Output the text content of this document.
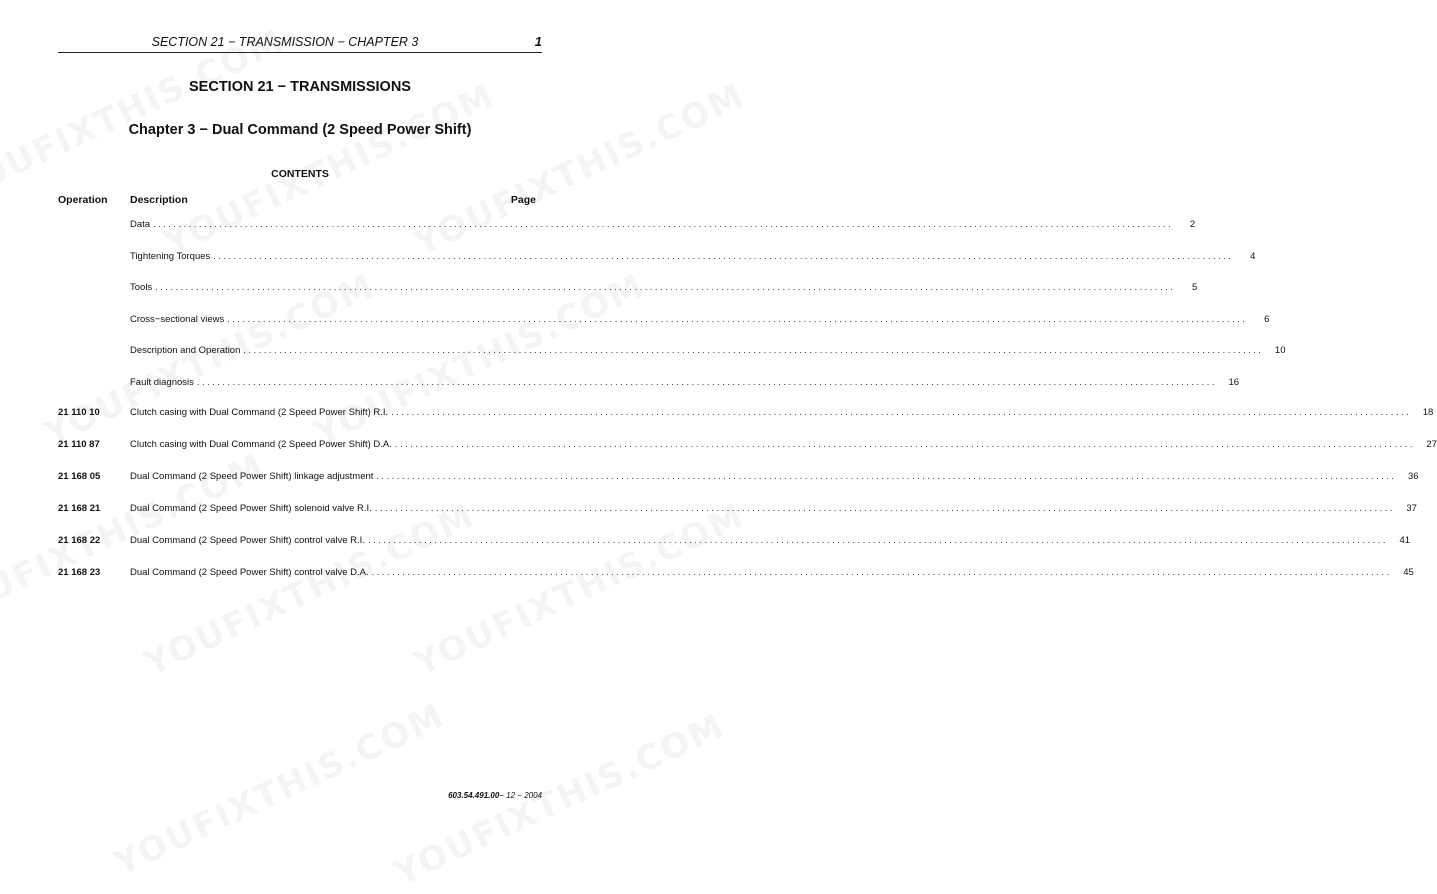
SECTION 21 − TRANSMISSION − CHAPTER 3	1
SECTION 21 − TRANSMISSIONS
Chapter 3 − Dual Command (2 Speed Power Shift)
CONTENTS
Operation Description	Page
Data ........................................................................................................................................................................................................	2
Tightening Torques ........................................................................................................................................................................................................	4
Tools ........................................................................................................................................................................................................	5
Cross−sectional views ........................................................................................................................................................................................................	6
Description and Operation ........................................................................................................................................................................................................	10
Fault diagnosis ........................................................................................................................................................................................................	16
21 110 10	Clutch casing with Dual Command (2 Speed Power Shift) R.I. ........................................................................................................................................................................................................	18
21 110 87	Clutch casing with Dual Command (2 Speed Power Shift) D.A. ........................................................................................................................................................................................................	27
21 168 05	Dual Command (2 Speed Power Shift) linkage adjustment ........................................................................................................................................................................................................	36
21 168 21	Dual Command (2 Speed Power Shift) solenoid valve R.I. ........................................................................................................................................................................................................	37
21 168 22	Dual Command (2 Speed Power Shift) control valve R.I. ........................................................................................................................................................................................................	41
21 168 23	Dual Command (2 Speed Power Shift) control valve D.A. ........................................................................................................................................................................................................	45
603.54.491.00− 12 − 2004
